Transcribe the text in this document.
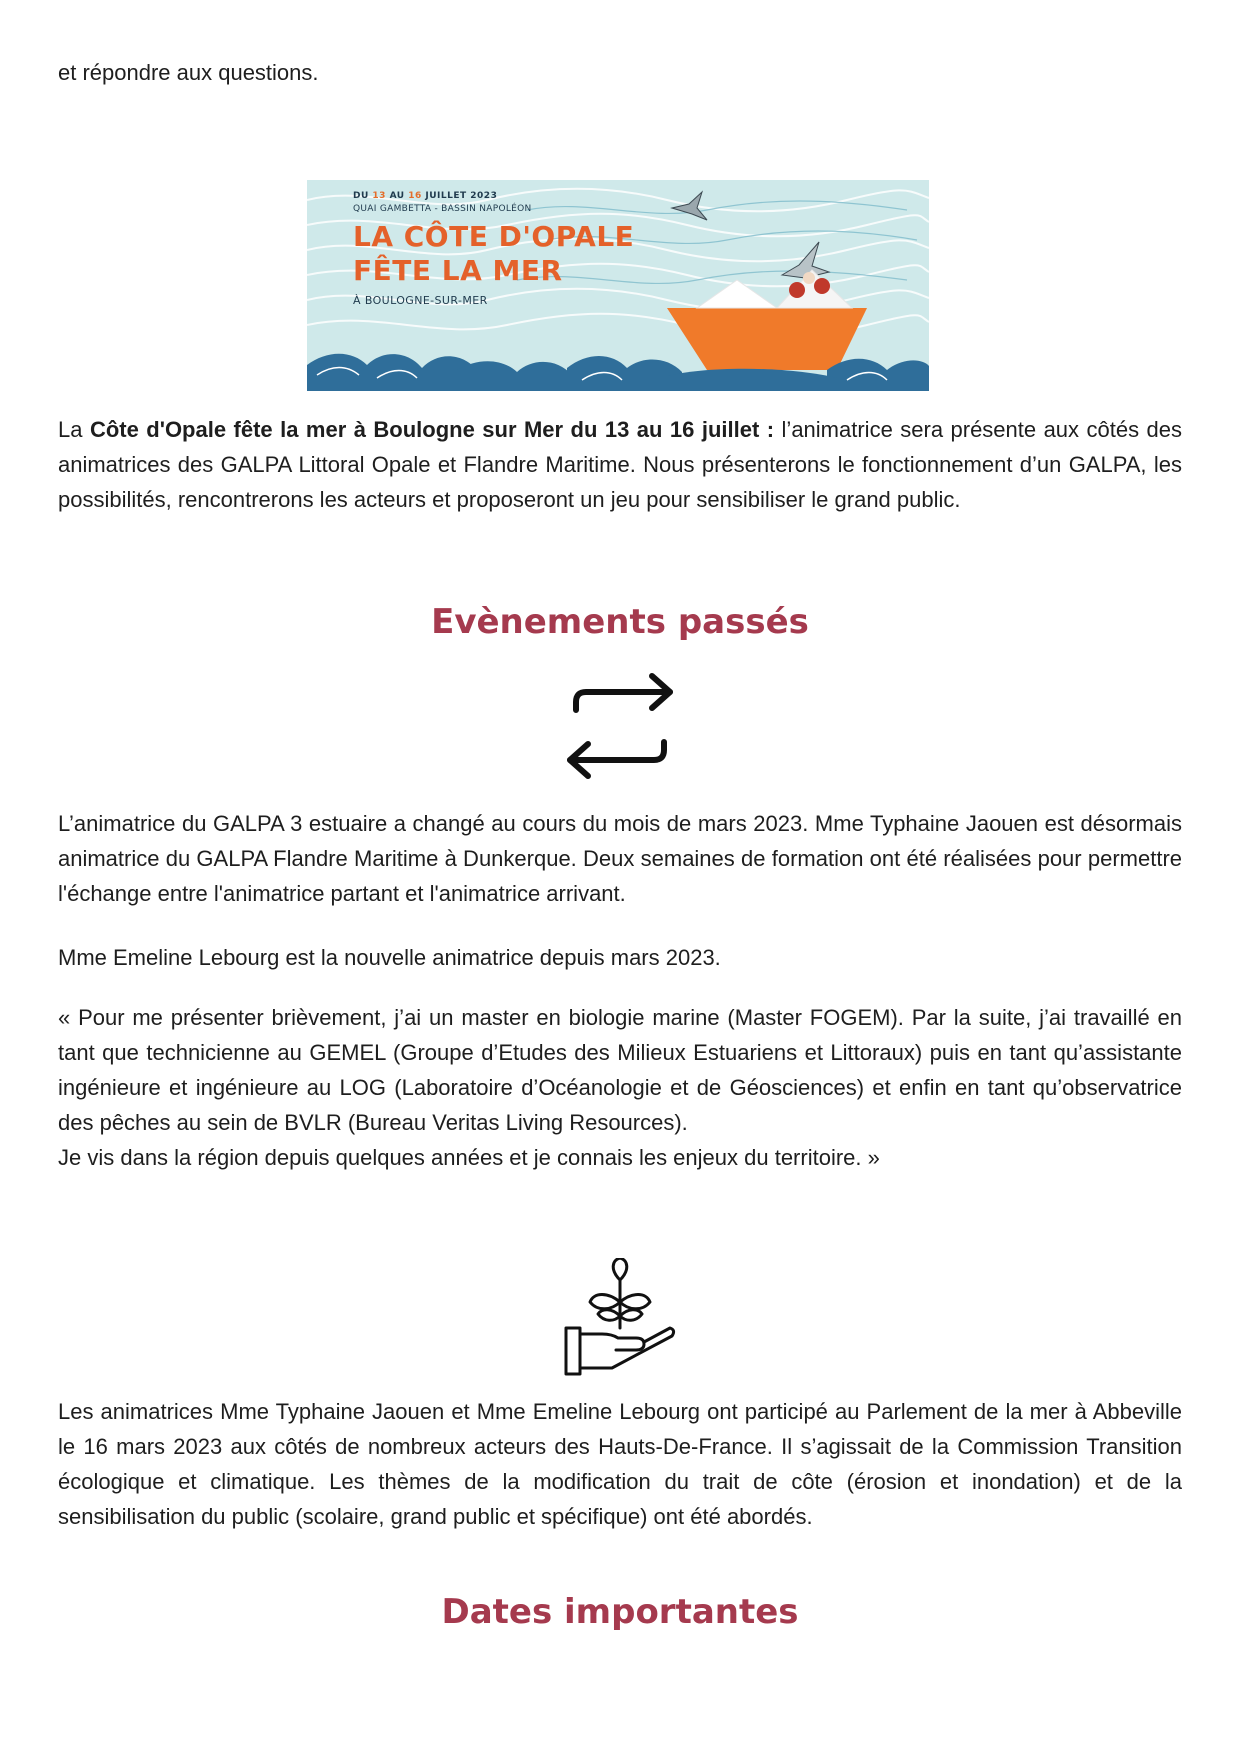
et répondre aux questions.

DU 13 AU 16 JUILLET 2023
QUAI GAMBETTA - BASSIN NAPOLÉON
LA CÔTE D'OPALE
FÊTE LA MER
À BOULOGNE-SUR-MER

La Côte d'Opale fête la mer à Boulogne sur Mer du 13 au 16 juillet : l’animatrice sera présente aux côtés des animatrices des GALPA Littoral Opale et Flandre Maritime. Nous présenterons le fonctionnement d’un GALPA, les possibilités, rencontrerons les acteurs et proposeront un jeu pour sensibiliser le grand public.

Evènements passés

L’animatrice du GALPA 3 estuaire a changé au cours du mois de mars 2023. Mme Typhaine Jaouen est désormais animatrice du GALPA Flandre Maritime à Dunkerque. Deux semaines de formation ont été réalisées pour permettre l'échange entre l'animatrice partant et l'animatrice arrivant.

Mme Emeline Lebourg est la nouvelle animatrice depuis mars 2023.

« Pour me présenter brièvement, j’ai un master en biologie marine (Master FOGEM). Par la suite, j’ai travaillé en tant que technicienne au GEMEL (Groupe d’Etudes des Milieux Estuariens et Littoraux) puis en tant qu’assistante ingénieure et ingénieure au LOG (Laboratoire d’Océanologie et de Géosciences) et enfin en tant qu’observatrice des pêches au sein de BVLR (Bureau Veritas Living Resources).

Je vis dans la région depuis quelques années et je connais les enjeux du territoire. »

Les animatrices Mme Typhaine Jaouen et Mme Emeline Lebourg ont participé au Parlement de la mer à Abbeville le 16 mars 2023 aux côtés de nombreux acteurs des Hauts-De-France. Il s’agissait de la Commission Transition écologique et climatique. Les thèmes de la modification du trait de côte (érosion et inondation) et de la sensibilisation du public (scolaire, grand public et spécifique) ont été abordés.

Dates importantes
